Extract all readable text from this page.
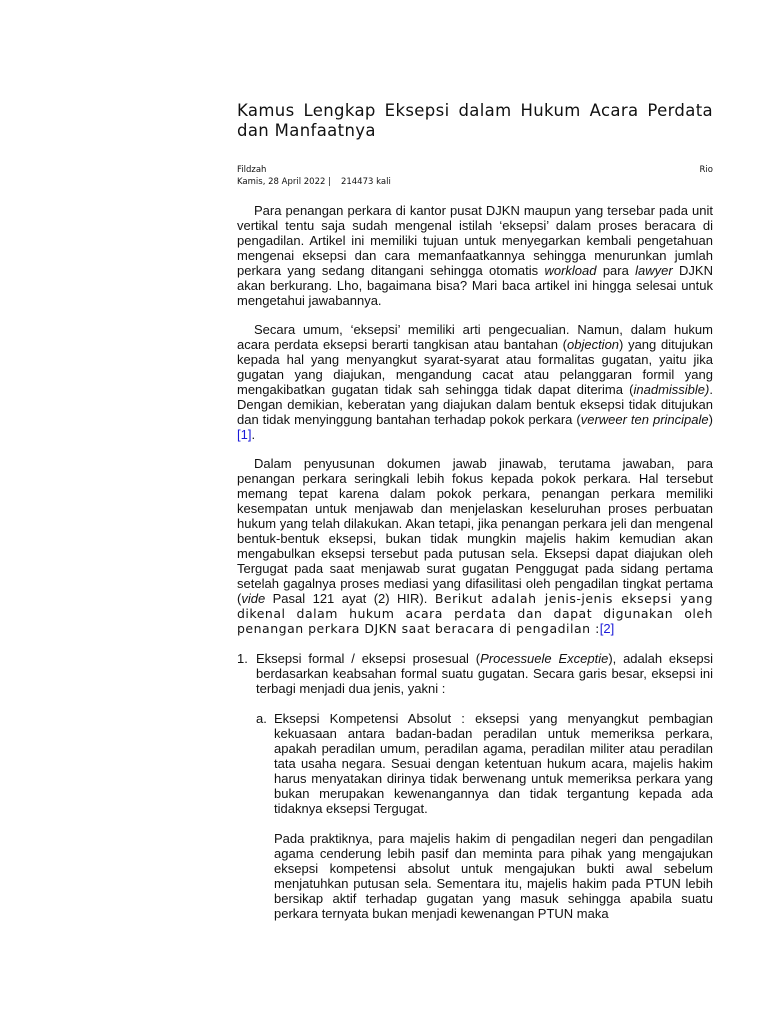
Kamus Lengkap Eksepsi dalam Hukum Acara Perdata dan Manfaatnya
Fildzah	Rio
Kamis, 28 April 2022 | 214473 kali

Para penangan perkara di kantor pusat DJKN maupun yang tersebar pada unit vertikal tentu saja sudah mengenal istilah ‘eksepsi’ dalam proses beracara di pengadilan. Artikel ini memiliki tujuan untuk menyegarkan kembali pengetahuan mengenai eksepsi dan cara memanfaatkannya sehingga menurunkan jumlah perkara yang sedang ditangani sehingga otomatis workload para lawyer DJKN akan berkurang. Lho, bagaimana bisa? Mari baca artikel ini hingga selesai untuk mengetahui jawabannya.

Secara umum, ‘eksepsi’ memiliki arti pengecualian. Namun, dalam hukum acara perdata eksepsi berarti tangkisan atau bantahan (objection) yang ditujukan kepada hal yang menyangkut syarat-syarat atau formalitas gugatan, yaitu jika gugatan yang diajukan, mengandung cacat atau pelanggaran formil yang mengakibatkan gugatan tidak sah sehingga tidak dapat diterima (inadmissible). Dengan demikian, keberatan yang diajukan dalam bentuk eksepsi tidak ditujukan dan tidak menyinggung bantahan terhadap pokok perkara (verweer ten principale)[1].

Dalam penyusunan dokumen jawab jinawab, terutama jawaban, para penangan perkara seringkali lebih fokus kepada pokok perkara. Hal tersebut memang tepat karena dalam pokok perkara, penangan perkara memiliki kesempatan untuk menjawab dan menjelaskan keseluruhan proses perbuatan hukum yang telah dilakukan. Akan tetapi, jika penangan perkara jeli dan mengenal bentuk-bentuk eksepsi, bukan tidak mungkin majelis hakim kemudian akan mengabulkan eksepsi tersebut pada putusan sela. Eksepsi dapat diajukan oleh Tergugat pada saat menjawab surat gugatan Penggugat pada sidang pertama setelah gagalnya proses mediasi yang difasilitasi oleh pengadilan tingkat pertama (vide Pasal 121 ayat (2) HIR). Berikut adalah jenis-jenis eksepsi yang dikenal dalam hukum acara perdata dan dapat digunakan oleh penangan perkara DJKN saat beracara di pengadilan :[2]

1. Eksepsi formal / eksepsi prosesual (Processuele Exceptie), adalah eksepsi berdasarkan keabsahan formal suatu gugatan. Secara garis besar, eksepsi ini terbagi menjadi dua jenis, yakni :

a. Eksepsi Kompetensi Absolut : eksepsi yang menyangkut pembagian kekuasaan antara badan-badan peradilan untuk memeriksa perkara, apakah peradilan umum, peradilan agama, peradilan militer atau peradilan tata usaha negara. Sesuai dengan ketentuan hukum acara, majelis hakim harus menyatakan dirinya tidak berwenang untuk memeriksa perkara yang bukan merupakan kewenangannya dan tidak tergantung kepada ada tidaknya eksepsi Tergugat.

Pada praktiknya, para majelis hakim di pengadilan negeri dan pengadilan agama cenderung lebih pasif dan meminta para pihak yang mengajukan eksepsi kompetensi absolut untuk mengajukan bukti awal sebelum menjatuhkan putusan sela. Sementara itu, majelis hakim pada PTUN lebih bersikap aktif terhadap gugatan yang masuk sehingga apabila suatu perkara ternyata bukan menjadi kewenangan PTUN maka
